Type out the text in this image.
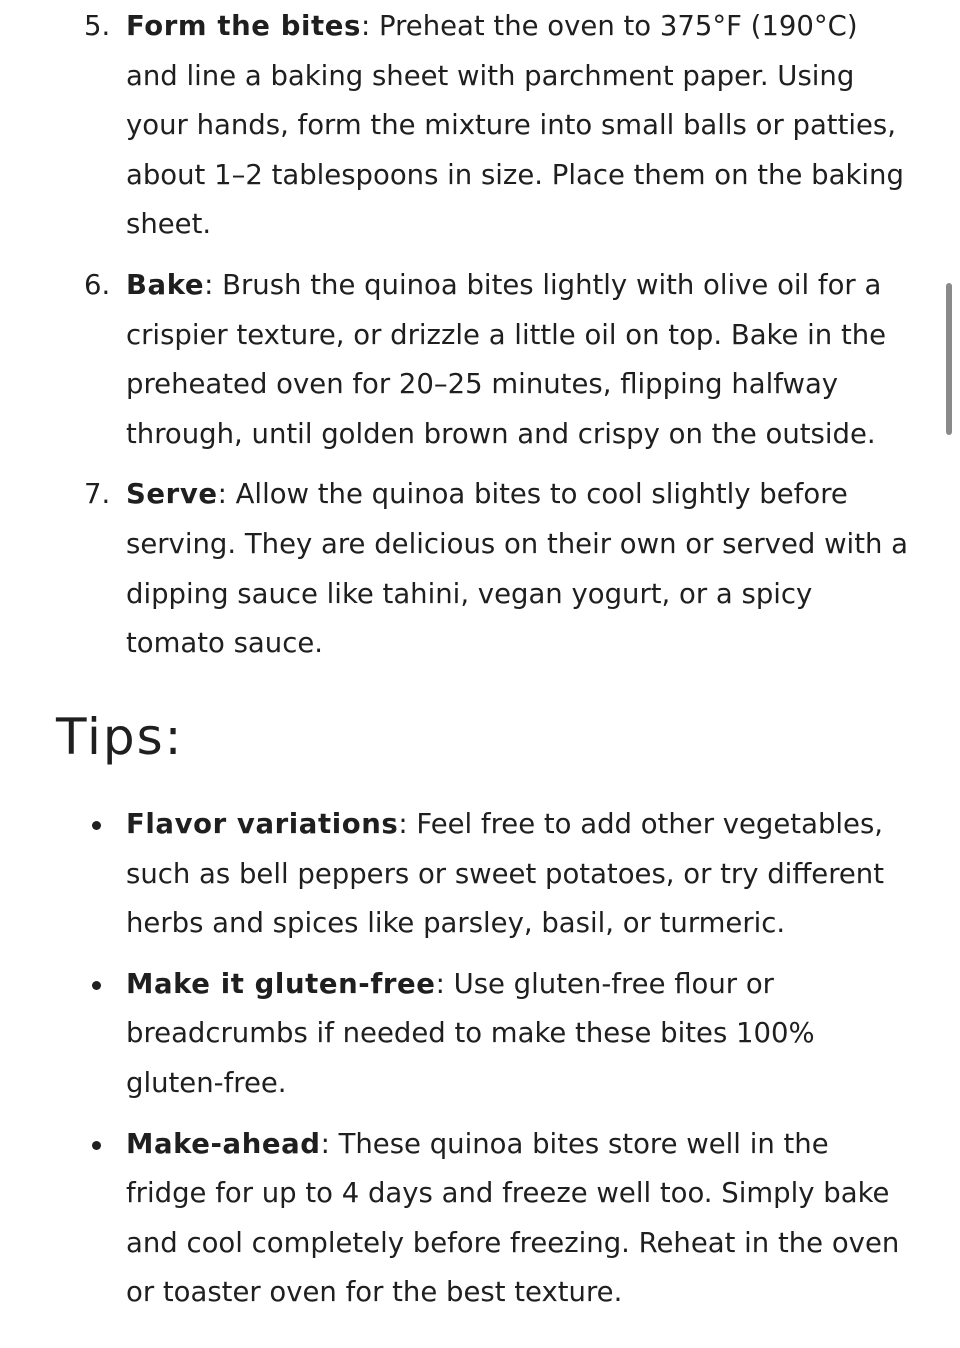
5. Form the bites: Preheat the oven to 375°F (190°C) and line a baking sheet with parchment paper. Using your hands, form the mixture into small balls or patties, about 1–2 tablespoons in size. Place them on the baking sheet.
6. Bake: Brush the quinoa bites lightly with olive oil for a crispier texture, or drizzle a little oil on top. Bake in the preheated oven for 20–25 minutes, flipping halfway through, until golden brown and crispy on the outside.
7. Serve: Allow the quinoa bites to cool slightly before serving. They are delicious on their own or served with a dipping sauce like tahini, vegan yogurt, or a spicy tomato sauce.
Tips:
Flavor variations: Feel free to add other vegetables, such as bell peppers or sweet potatoes, or try different herbs and spices like parsley, basil, or turmeric.
Make it gluten-free: Use gluten-free flour or breadcrumbs if needed to make these bites 100% gluten-free.
Make-ahead: These quinoa bites store well in the fridge for up to 4 days and freeze well too. Simply bake and cool completely before freezing. Reheat in the oven or toaster oven for the best texture.
